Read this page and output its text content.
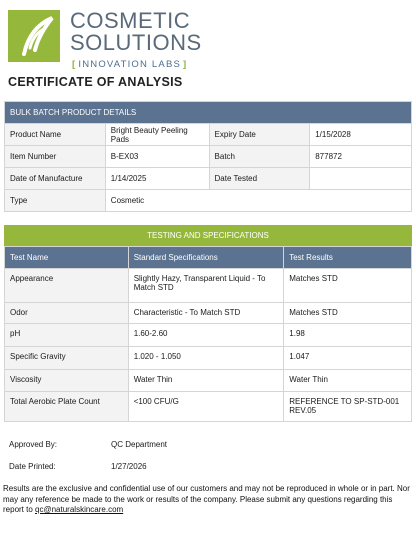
COSMETIC
SOLUTIONS
[ INNOVATION LABS ]
CERTIFICATE OF ANALYSIS
BULK BATCH PRODUCT DETAILS			
Product Name	Bright Beauty Peeling Pads	Expiry Date	1/15/2028
Item Number	B-EX03	Batch	877872
Date of Manufacture	1/14/2025	Date Tested	
Type	Cosmetic		
TESTING AND SPECIFICATIONS
Test Name	Standard Specifications	Test Results
Appearance	Slightly Hazy, Transparent Liquid - To Match STD	Matches STD
Odor	Characteristic - To Match STD	Matches STD
pH	1.60-2.60	1.98
Specific Gravity	1.020 - 1.050	1.047
Viscosity	Water Thin	Water Thin
Total Aerobic Plate Count	<100 CFU/G	REFERENCE TO SP-STD-001 REV.05
Approved By:	QC Department
Date Printed:	1/27/2026
Results are the exclusive and confidential use of our customers and may not be reproduced in whole or in part. Nor may any reference be made to the work or results of the company. Please submit any questions regarding this report to qc@naturalskincare.com
